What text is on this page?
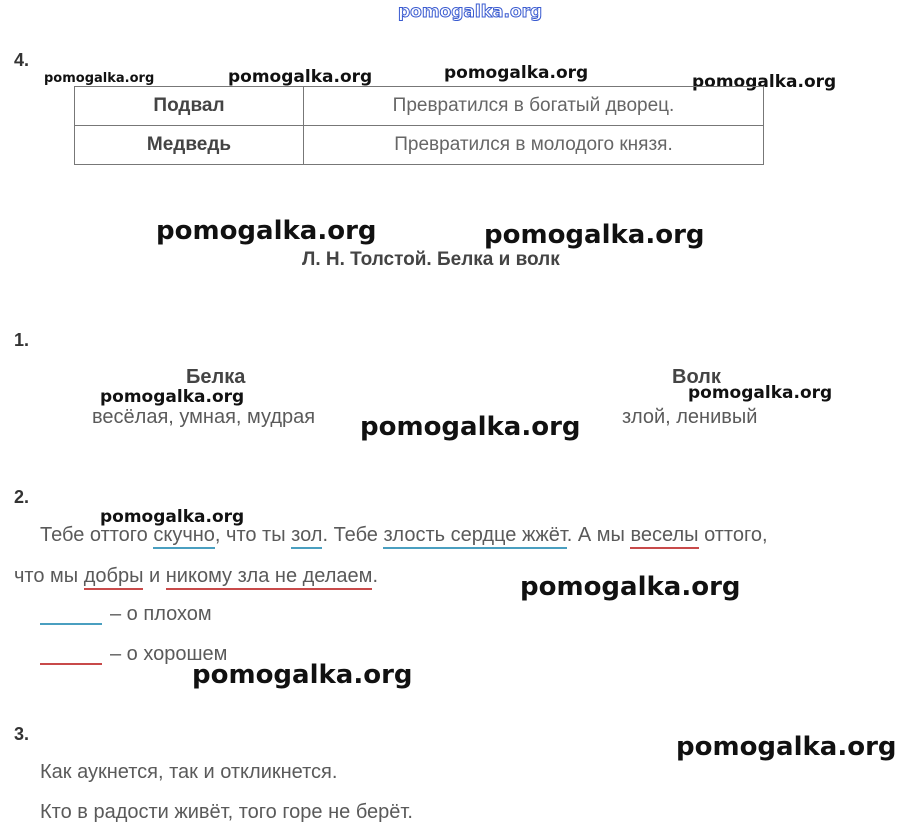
pomogalka.org
4.
pomogalka.org	pomogalka.org	pomogalka.org	pomogalka.org
Подвал	Превратился в богатый дворец.
Медведь	Превратился в молодого князя.
pomogalka.org	pomogalka.org
Л. Н. Толстой. Белка и волк
1.
Белка
pomogalka.org
весёлая, умная, мудрая pomogalka.org
Волк
pomogalka.org
злой, ленивый
2.
pomogalka.org
Тебе оттого скучно, что ты зол. Тебе злость сердце жжёт. А мы веселы оттого,
что мы добры и никому зла не делаем.	pomogalka.org
– о плохом
– о хорошем
pomogalka.org
3.	pomogalka.org
Как аукнется, так и откликнется.
Кто в радости живёт, того горе не берёт.
